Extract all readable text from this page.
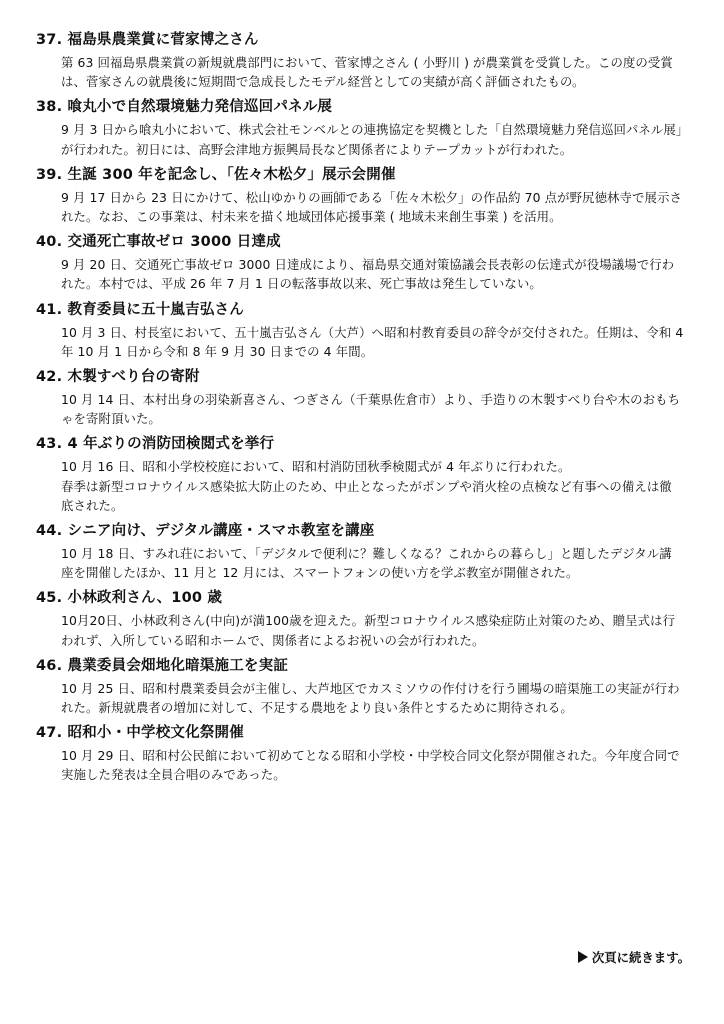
37. 福島県農業賞に菅家博之さん

第 63 回福島県農業賞の新規就農部門において、菅家博之さん ( 小野川 ) が農業賞を受賞した。この度の受賞は、菅家さんの就農後に短期間で急成長したモデル経営としての実績が高く評価されたもの。

38. 喰丸小で自然環境魅力発信巡回パネル展

9 月 3 日から喰丸小において、株式会社モンベルとの連携協定を契機とした「自然環境魅力発信巡回パネル展」が行われた。初日には、高野会津地方振興局長など関係者によりテープカットが行われた。

39. 生誕 300 年を記念し、「佐々木松夕」展示会開催

9 月 17 日から 23 日にかけて、松山ゆかりの画師である「佐々木松夕」の作品約 70 点が野尻徳林寺で展示された。なお、この事業は、村未来を描く地域団体応援事業 ( 地域未来創生事業 ) を活用。

40. 交通死亡事故ゼロ 3000 日達成

9 月 20 日、交通死亡事故ゼロ 3000 日達成により、福島県交通対策協議会長表彰の伝達式が役場議場で行われた。本村では、平成 26 年 7 月 1 日の転落事故以来、死亡事故は発生していない。

41. 教育委員に五十嵐吉弘さん

10 月 3 日、村長室において、五十嵐吉弘さん（大芦）へ昭和村教育委員の辞令が交付された。任期は、令和 4 年 10 月 1 日から令和 8 年 9 月 30 日までの 4 年間。

42. 木製すべり台の寄附

10 月 14 日、本村出身の羽染新喜さん、つぎさん（千葉県佐倉市）より、手造りの木製すべり台や木のおもちゃを寄附頂いた。

43. 4 年ぶりの消防団検閲式を挙行

10 月 16 日、昭和小学校校庭において、昭和村消防団秋季検閲式が 4 年ぶりに行われた。
春季は新型コロナウイルス感染拡大防止のため、中止となったがポンプや消火栓の点検など有事への備えは徹底された。

44. シニア向け、デジタル講座・スマホ教室を講座

10 月 18 日、すみれ荘において、「デジタルで便利に？難しくなる？これからの暮らし」と題したデジタル講座を開催したほか、11 月と 12 月には、スマートフォンの使い方を学ぶ教室が開催された。

45. 小林政利さん、100 歳

10月20日、小林政利さん(中向)が満100歳を迎えた。新型コロナウイルス感染症防止対策のため、贈呈式は行われず、入所している昭和ホームで、関係者によるお祝いの会が行われた。

46. 農業委員会畑地化暗渠施工を実証

10 月 25 日、昭和村農業委員会が主催し、大芦地区でカスミソウの作付けを行う圃場の暗渠施工の実証が行われた。新規就農者の増加に対して、不足する農地をより良い条件とするために期待される。

47. 昭和小・中学校文化祭開催

10 月 29 日、昭和村公民館において初めてとなる昭和小学校・中学校合同文化祭が開催された。今年度合同で実施した発表は全員合唱のみであった。

次頁に続きます。
